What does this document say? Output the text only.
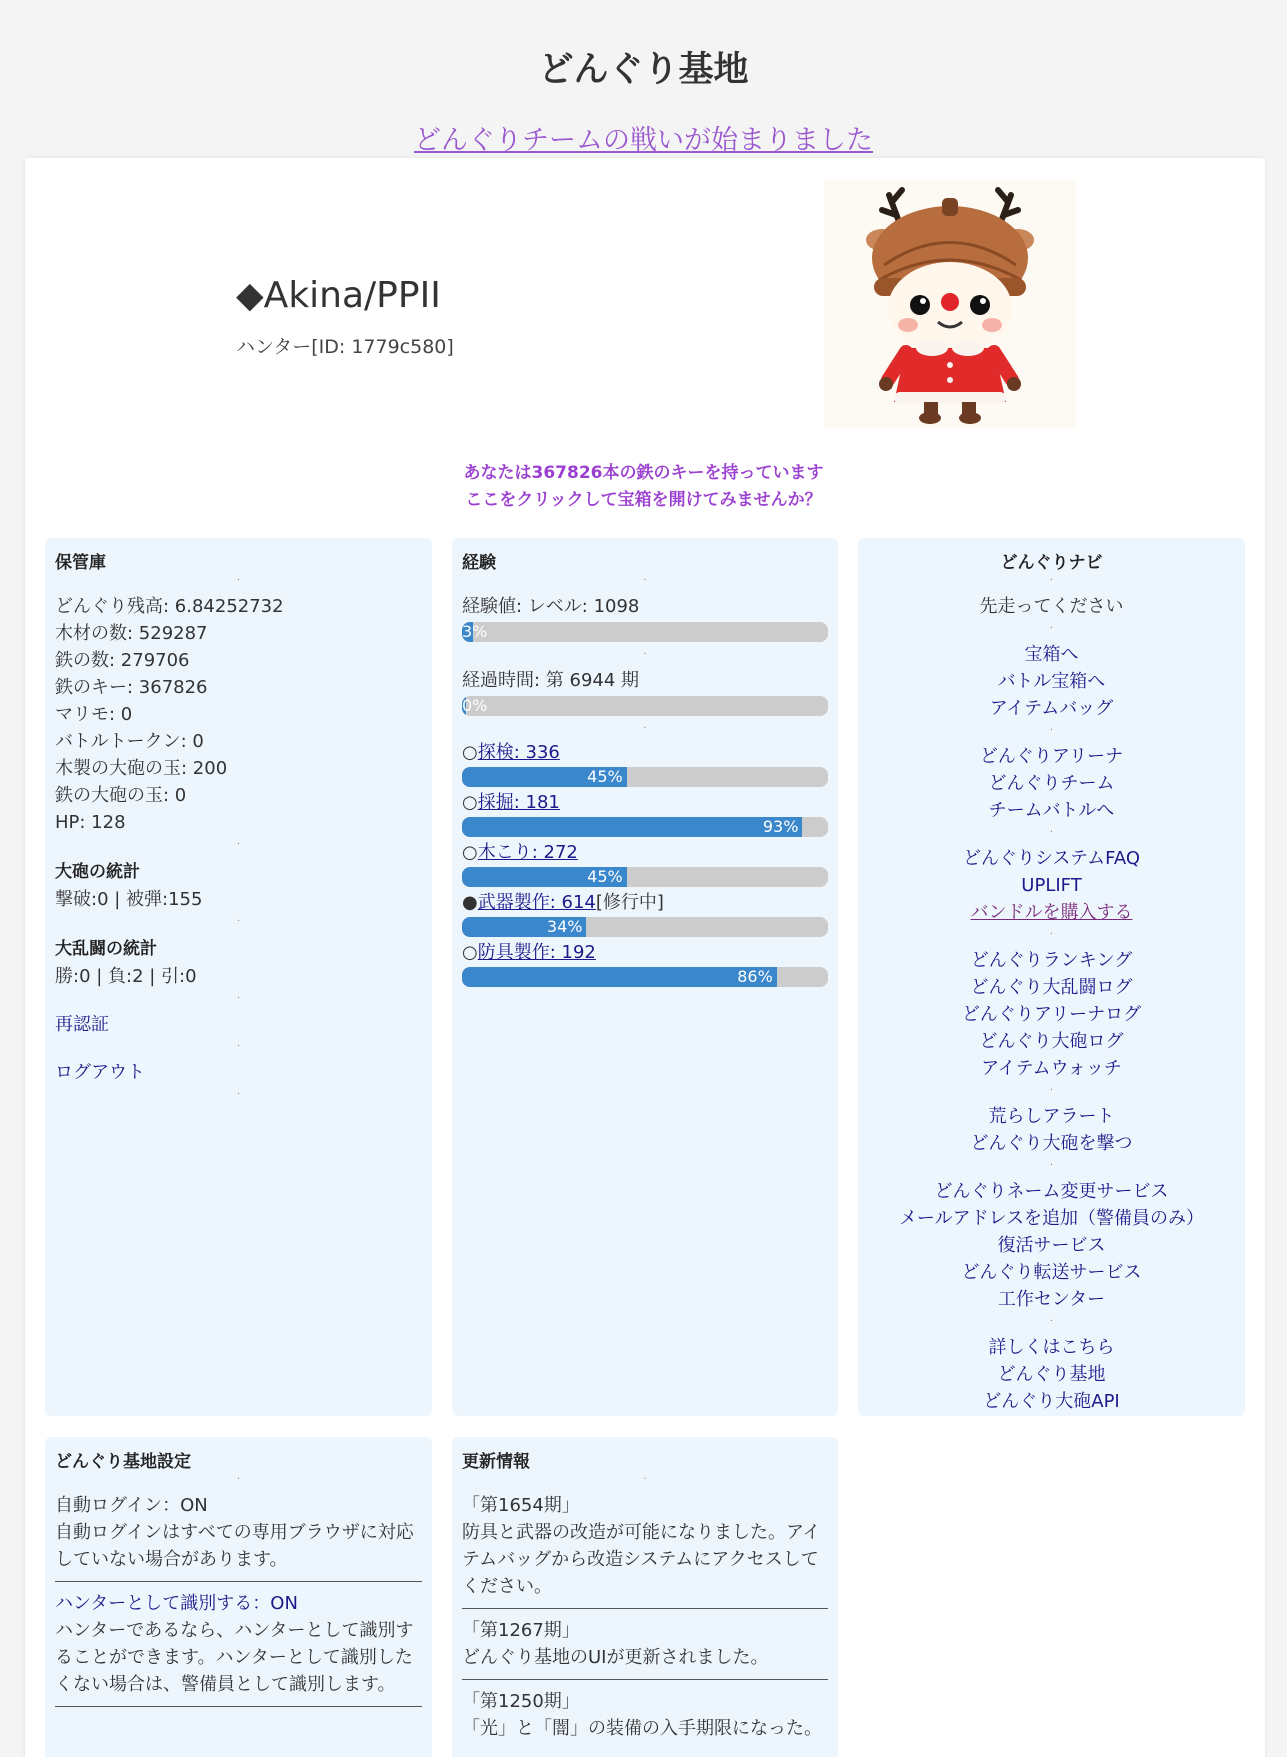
どんぐり基地
どんぐりチームの戦いが始まりました
◆Akina/PPII
ハンター[ID: 1779c580]
あなたは367826本の鉄のキーを持っています
ここをクリックして宝箱を開けてみませんか？
保管庫
.
どんぐり残高: 6.84252732
木材の数: 529287
鉄の数: 279706
鉄のキー: 367826
マリモ: 0
バトルトークン: 0
木製の大砲の玉: 200
鉄の大砲の玉: 0
HP: 128
.
大砲の統計
撃破:0 | 被弾:155
.
大乱闘の統計
勝:0 | 負:2 | 引:0
.
再認証
.
ログアウト
.
経験
.
経験値: レベル: 1098
3%
.
経過時間: 第 6944 期
0%
.
○探検: 336
45%
○採掘: 181
93%
○木こり: 272
45%
●武器製作: 614[修行中]
34%
○防具製作: 192
86%
どんぐりナビ
.
先走ってください
.
宝箱へ
バトル宝箱へ
アイテムバッグ
.
どんぐりアリーナ
どんぐりチーム
チームバトルへ
.
どんぐりシステムFAQ
UPLIFT
バンドルを購入する
.
どんぐりランキング
どんぐり大乱闘ログ
どんぐりアリーナログ
どんぐり大砲ログ
アイテムウォッチ
.
荒らしアラート
どんぐり大砲を撃つ
.
どんぐりネーム変更サービス
メールアドレスを追加（警備員のみ）
復活サービス
どんぐり転送サービス
工作センター
.
詳しくはこちら
どんぐり基地
どんぐり大砲API
どんぐり基地設定
.
自動ログイン：ON
自動ログインはすべての専用ブラウザに対応していない場合があります。
ハンターとして識別する：ON
ハンターであるなら、ハンターとして識別することができます。ハンターとして識別したくない場合は、警備員として識別します。
更新情報
.
「第1654期」
防具と武器の改造が可能になりました。アイテムバッグから改造システムにアクセスしてください。
「第1267期」
どんぐり基地のUIが更新されました。
「第1250期」
「光」と「闇」の装備の入手期限になった。
